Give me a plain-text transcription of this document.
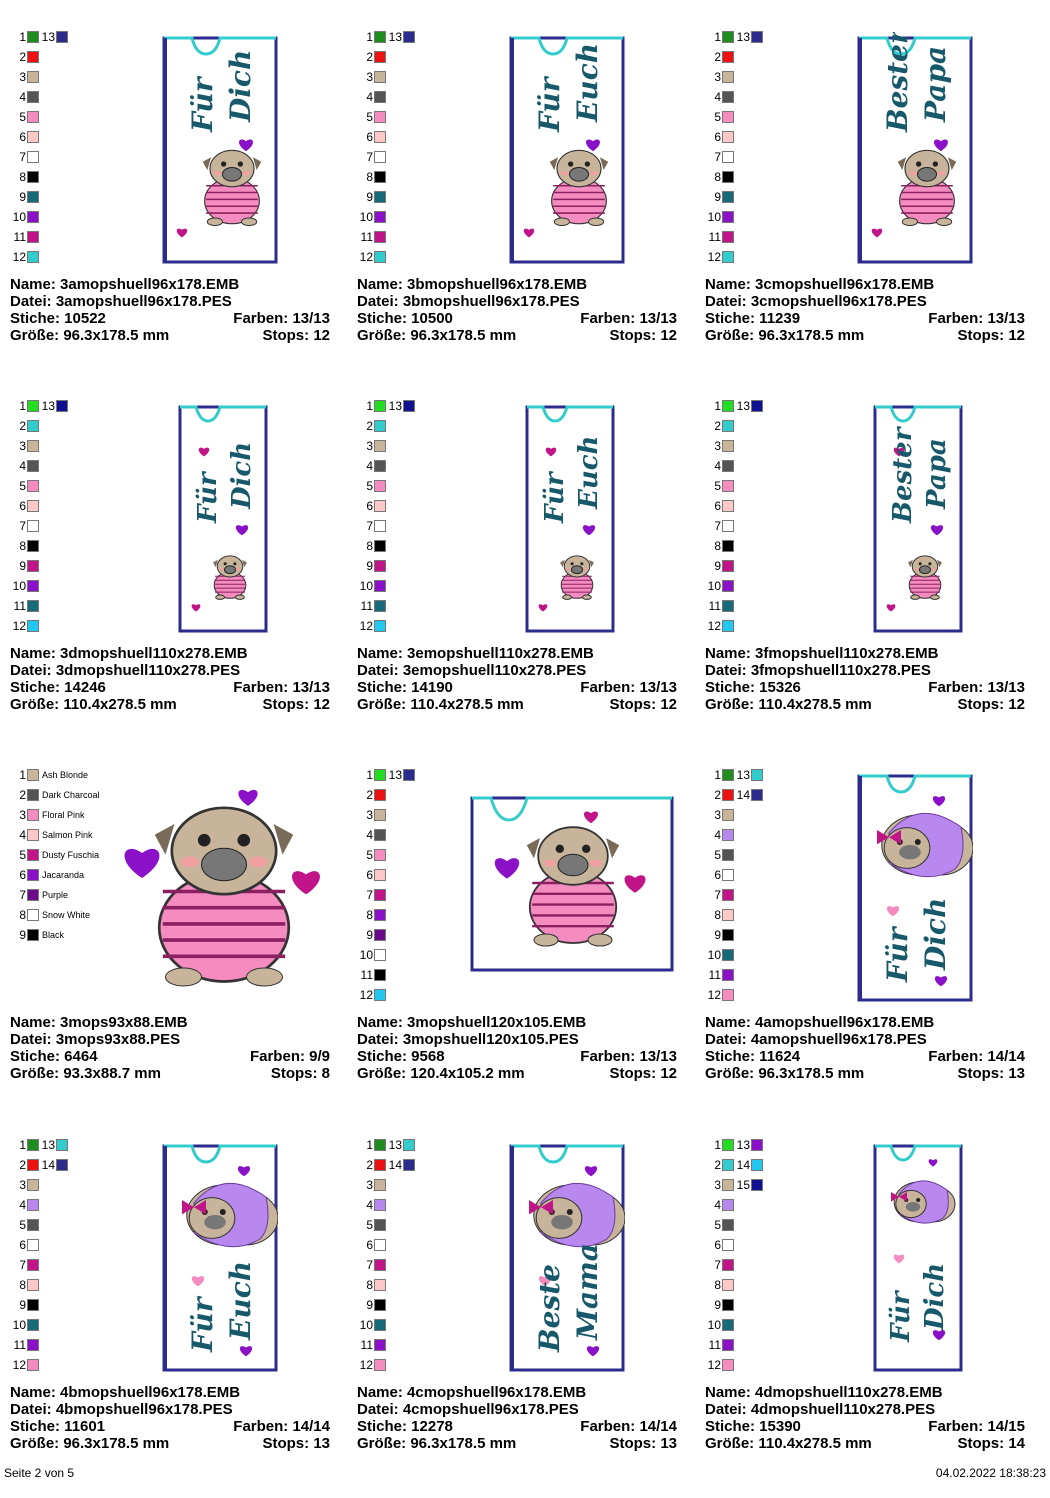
1 13
2
3
4
5
6
7
8
9
10
11
12
Für Dich
Name: 3amopshuell96x178.EMB
Datei: 3amopshuell96x178.PES
Stiche: 10522	Farben: 13/13
Größe: 96.3x178.5 mm	Stops: 12
1 13
2
3
4
5
6
7
8
9
10
11
12
Für Euch
Name: 3bmopshuell96x178.EMB
Datei: 3bmopshuell96x178.PES
Stiche: 10500	Farben: 13/13
Größe: 96.3x178.5 mm	Stops: 12
1 13
2
3
4
5
6
7
8
9
10
11
12
Bester Papa
Name: 3cmopshuell96x178.EMB
Datei: 3cmopshuell96x178.PES
Stiche: 11239	Farben: 13/13
Größe: 96.3x178.5 mm	Stops: 12
1 13
2
3
4
5
6
7
8
9
10
11
12
Für Dich
Name: 3dmopshuell110x278.EMB
Datei: 3dmopshuell110x278.PES
Stiche: 14246	Farben: 13/13
Größe: 110.4x278.5 mm	Stops: 12
1 13
2
3
4
5
6
7
8
9
10
11
12
Für Euch
Name: 3emopshuell110x278.EMB
Datei: 3emopshuell110x278.PES
Stiche: 14190	Farben: 13/13
Größe: 110.4x278.5 mm	Stops: 12
1 13
2
3
4
5
6
7
8
9
10
11
12
Bester Papa
Name: 3fmopshuell110x278.EMB
Datei: 3fmopshuell110x278.PES
Stiche: 15326	Farben: 13/13
Größe: 110.4x278.5 mm	Stops: 12
1 Ash Blonde
2 Dark Charcoal
3 Floral Pink
4 Salmon Pink
5 Dusty Fuschia
6 Jacaranda
7 Purple
8 Snow White
9 Black
Name: 3mops93x88.EMB
Datei: 3mops93x88.PES
Stiche: 6464	Farben: 9/9
Größe: 93.3x88.7 mm	Stops: 8
1 13
2
3
4
5
6
7
8
9
10
11
12
Name: 3mopshuell120x105.EMB
Datei: 3mopshuell120x105.PES
Stiche: 9568	Farben: 13/13
Größe: 120.4x105.2 mm	Stops: 12
1 13
2 14
3
4
5
6
7
8
9
10
11
12
Für Dich
Name: 4amopshuell96x178.EMB
Datei: 4amopshuell96x178.PES
Stiche: 11624	Farben: 14/14
Größe: 96.3x178.5 mm	Stops: 13
1 13
2 14
3
4
5
6
7
8
9
10
11
12
Für Euch
Name: 4bmopshuell96x178.EMB
Datei: 4bmopshuell96x178.PES
Stiche: 11601	Farben: 14/14
Größe: 96.3x178.5 mm	Stops: 13
1 13
2 14
3
4
5
6
7
8
9
10
11
12
Beste Mama
Name: 4cmopshuell96x178.EMB
Datei: 4cmopshuell96x178.PES
Stiche: 12278	Farben: 14/14
Größe: 96.3x178.5 mm	Stops: 13
1 13
2 14
3 15
4
5
6
7
8
9
10
11
12
Für Dich
Name: 4dmopshuell110x278.EMB
Datei: 4dmopshuell110x278.PES
Stiche: 15390	Farben: 14/15
Größe: 110.4x278.5 mm	Stops: 14
Seite 2 von 5	04.02.2022 18:38:23
